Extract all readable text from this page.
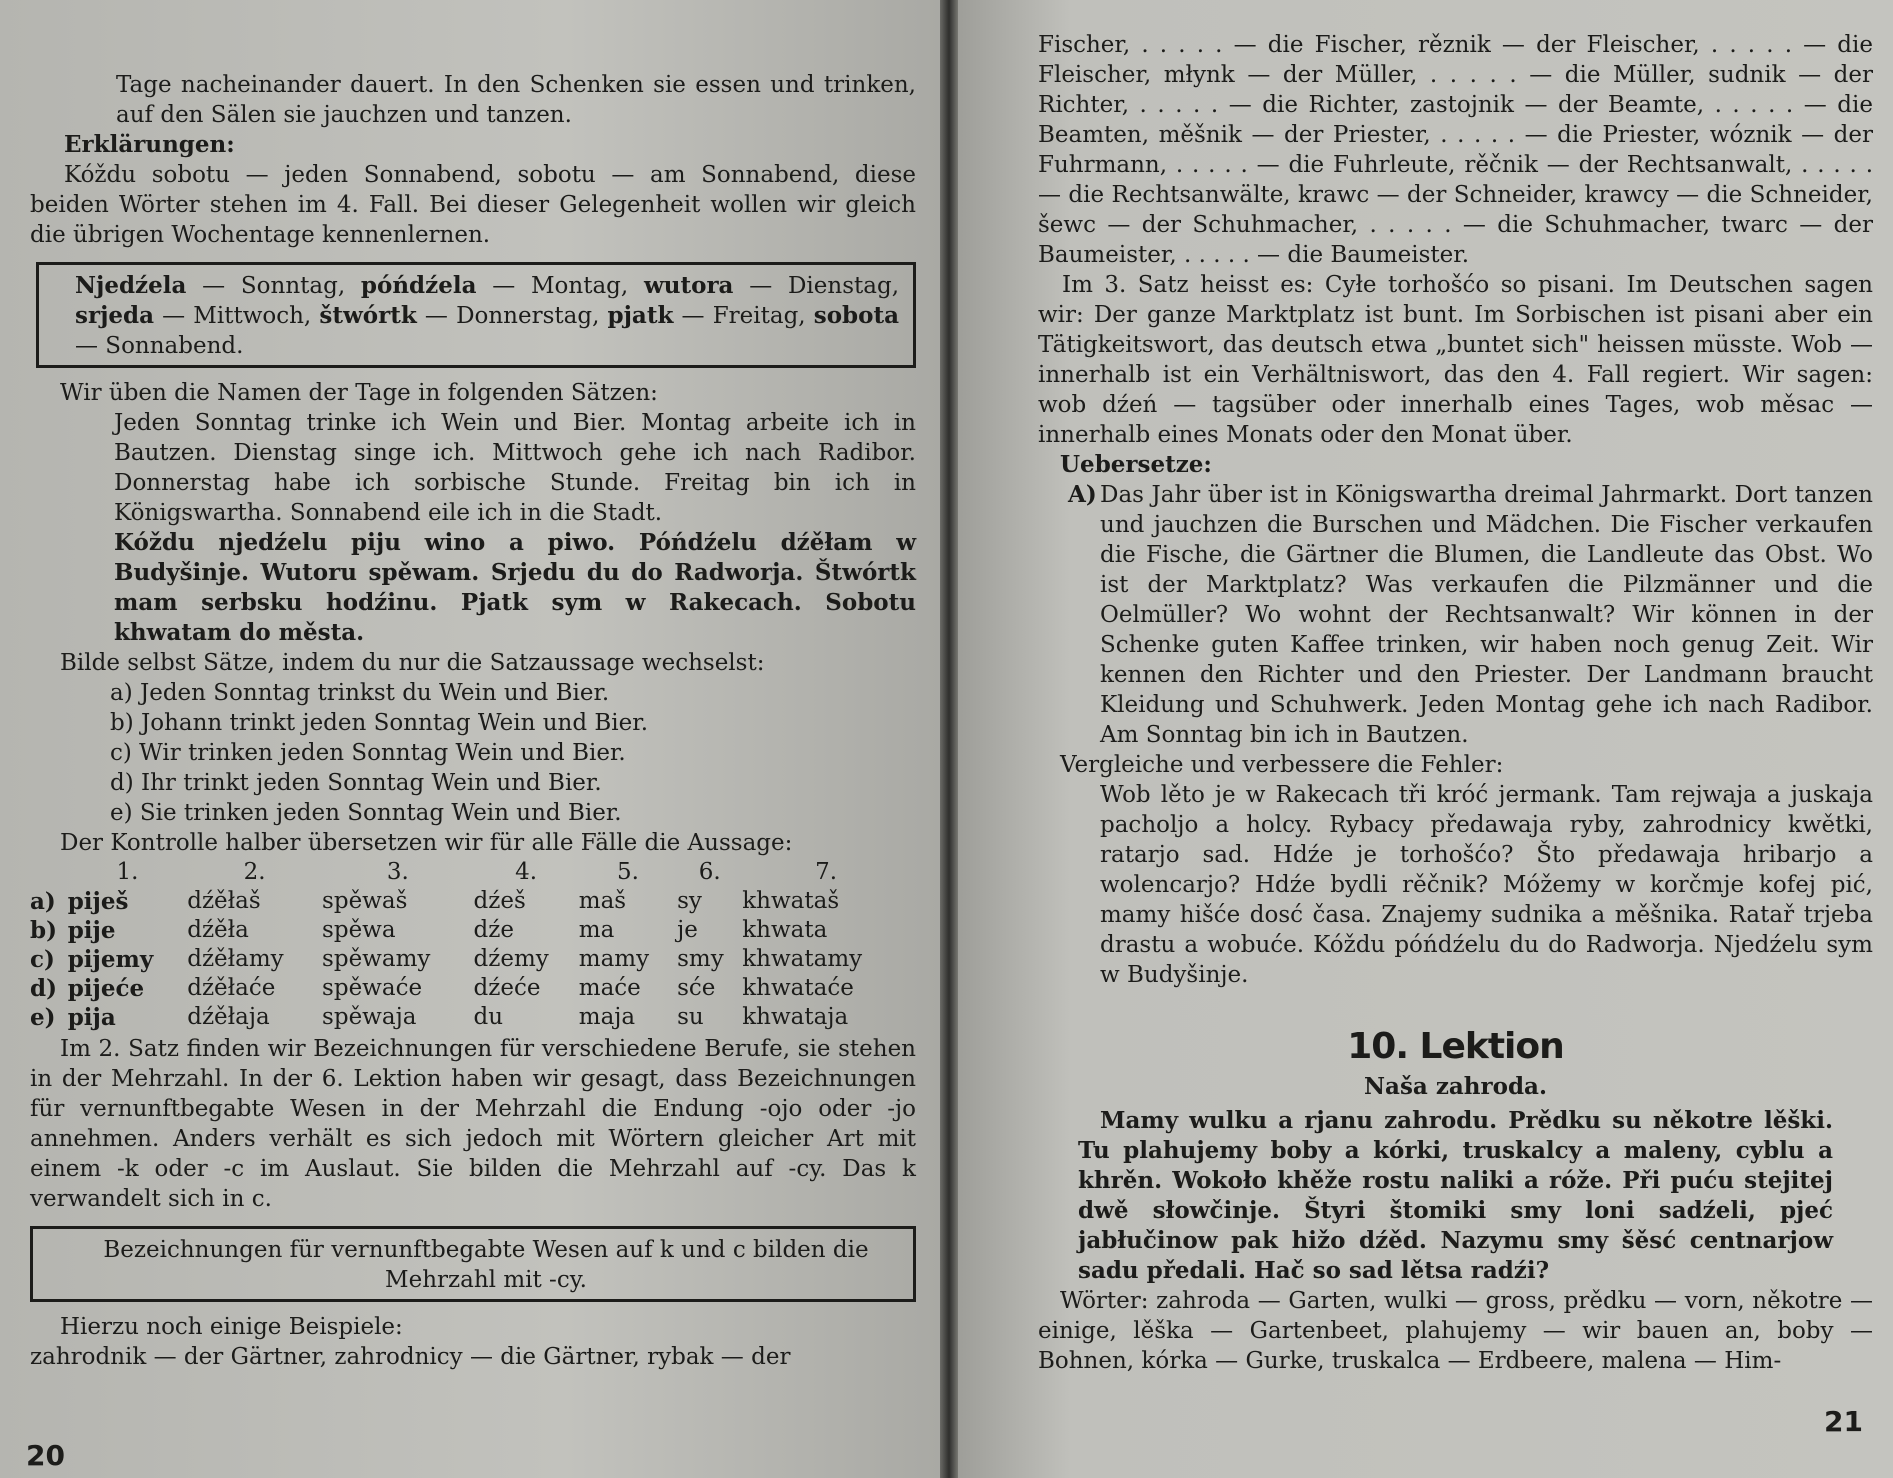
Tage nacheinander dauert. In den Schenken sie essen und trinken, auf den Sälen sie jauchzen und tanzen.

Erklärungen:

Kóždu sobotu — jeden Sonnabend, sobotu — am Sonnabend, diese beiden Wörter stehen im 4. Fall. Bei dieser Gelegenheit wollen wir gleich die übrigen Wochentage kennenlernen.

Njedźela — Sonntag, póńdźela — Montag, wutora — Dienstag, srjeda — Mittwoch, štwórtk — Donnerstag, pjatk — Freitag, sobota — Sonnabend.

Wir üben die Namen der Tage in folgenden Sätzen:

Jeden Sonntag trinke ich Wein und Bier. Montag arbeite ich in Bautzen. Dienstag singe ich. Mittwoch gehe ich nach Radibor. Donnerstag habe ich sorbische Stunde. Freitag bin ich in Königswartha. Sonnabend eile ich in die Stadt.

Kóždu njedźelu piju wino a piwo. Póńdźelu dźěłam w Budyšinje. Wutoru spěwam. Srjedu du do Radworja. Štwórtk mam serbsku hodźinu. Pjatk sym w Rakecach. Sobotu khwatam do města.

Bilde selbst Sätze, indem du nur die Satzaussage wechselst:

a) Jeden Sonntag trinkst du Wein und Bier.

b) Johann trinkt jeden Sonntag Wein und Bier.

c) Wir trinken jeden Sonntag Wein und Bier.

d) Ihr trinkt jeden Sonntag Wein und Bier.

e) Sie trinken jeden Sonntag Wein und Bier.

Der Kontrolle halber übersetzen wir für alle Fälle die Aussage:

	1.	2.	3.	4.	5.	6.	7.
a)	piješ	dźěłaš	spěwaš	dźeš	maš	sy	khwataš
b)	pije	dźěła	spěwa	dźe	ma	je	khwata
c)	pijemy	dźěłamy	spěwamy	dźemy	mamy	smy	khwatamy
d)	pijeće	dźěłaće	spěwaće	dźeće	maće	sće	khwataće
e)	pija	dźěłaja	spěwaja	du	maja	su	khwataja

Im 2. Satz finden wir Bezeichnungen für verschiedene Berufe, sie stehen in der Mehrzahl. In der 6. Lektion haben wir gesagt, dass Bezeichnungen für vernunftbegabte Wesen in der Mehrzahl die Endung -ojo oder -jo annehmen. Anders verhält es sich jedoch mit Wörtern gleicher Art mit einem -k oder -c im Auslaut. Sie bilden die Mehrzahl auf -cy. Das k verwandelt sich in c.

Bezeichnungen für vernunftbegabte Wesen auf k und c bilden die Mehrzahl mit -cy.

Hierzu noch einige Beispiele:

zahrodnik — der Gärtner, zahrodnicy — die Gärtner, rybak — der

20

Fischer, . . . . . — die Fischer, rěznik — der Fleischer, . . . . . — die Fleischer, młynk — der Müller, . . . . . — die Müller, sudnik — der Richter, . . . . . — die Richter, zastojnik — der Beamte, . . . . . — die Beamten, měšnik — der Priester, . . . . . — die Priester, wóznik — der Fuhrmann, . . . . . — die Fuhrleute, rěčnik — der Rechtsanwalt, . . . . . — die Rechtsanwälte, krawc — der Schneider, krawcy — die Schneider, šewc — der Schuhmacher, . . . . . — die Schuhmacher, twarc — der Baumeister, . . . . . — die Baumeister.

Im 3. Satz heisst es: Cyłe torhošćo so pisani. Im Deutschen sagen wir: Der ganze Marktplatz ist bunt. Im Sorbischen ist pisani aber ein Tätigkeitswort, das deutsch etwa „buntet sich" heissen müsste. Wob — innerhalb ist ein Verhältniswort, das den 4. Fall regiert. Wir sagen: wob dźeń — tagsüber oder innerhalb eines Tages, wob měsac — innerhalb eines Monats oder den Monat über.

Uebersetze:

A) Das Jahr über ist in Königswartha dreimal Jahrmarkt. Dort tanzen und jauchzen die Burschen und Mädchen. Die Fischer verkaufen die Fische, die Gärtner die Blumen, die Landleute das Obst. Wo ist der Marktplatz? Was verkaufen die Pilzmänner und die Oelmüller? Wo wohnt der Rechtsanwalt? Wir können in der Schenke guten Kaffee trinken, wir haben noch genug Zeit. Wir kennen den Richter und den Priester. Der Landmann braucht Kleidung und Schuhwerk. Jeden Montag gehe ich nach Radibor. Am Sonntag bin ich in Bautzen.

Vergleiche und verbessere die Fehler:

Wob lěto je w Rakecach tři króć jermank. Tam rejwaja a juskaja pacholjo a holcy. Rybacy předawaja ryby, zahrodnicy kwětki, ratarjo sad. Hdźe je torhošćo? Što předawaja hribarjo a wolencarjo? Hdźe bydli rěčnik? Móžemy w korčmje kofej pić, mamy hišće dosć časa. Znajemy sudnika a měšnika. Ratař trjeba drastu a wobuće. Kóždu póńdźelu du do Radworja. Njedźelu sym w Budyšinje.

10. Lektion
Naša zahroda.

Mamy wulku a rjanu zahrodu. Prědku su někotre lěški. Tu plahujemy boby a kórki, truskalcy a maleny, cyblu a khrěn. Wokoło khěže rostu naliki a róže. Při puću stejitej dwě słowčinje. Štyri štomiki smy loni sadźeli, pjeć jabłučinow pak hižo dźěd. Nazymu smy šěsć centnarjow sadu předali. Hač so sad lětsa radźi?

Wörter: zahroda — Garten, wulki — gross, prědku — vorn, někotre — einige, lěška — Gartenbeet, plahujemy — wir bauen an, boby — Bohnen, kórka — Gurke, truskalca — Erdbeere, malena — Him-

21
